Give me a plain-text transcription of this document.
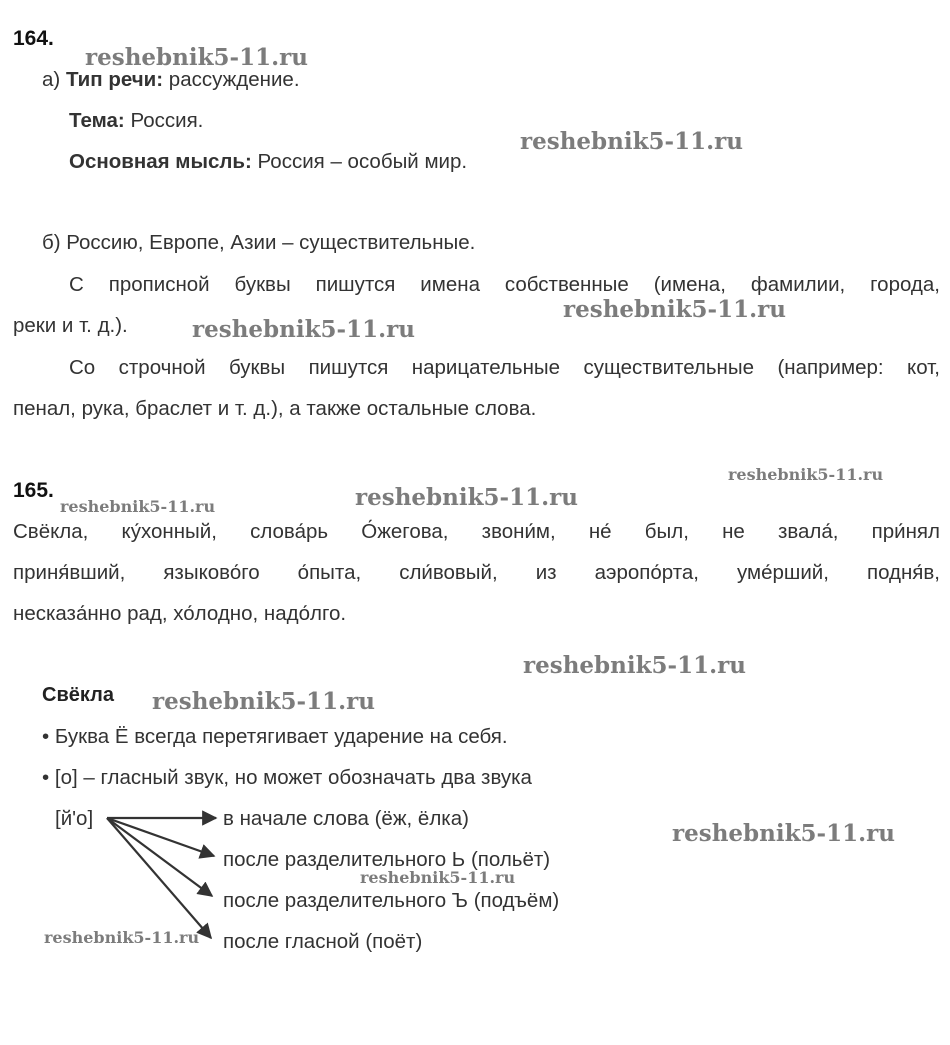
164.
а) Тип речи: рассуждение.
Тема: Россия.
Основная мысль: Россия – особый мир.
б) Россию, Европе, Азии – существительные.
С прописной буквы пишутся имена собственные (имена, фамилии, города,
реки и т. д.).
Со строчной буквы пишутся нарицательные существительные (например: кот,
пенал, рука, браслет и т. д.), а также остальные слова.
165.
Свёкла, ку́хонный, слова́рь О́жегова, звони́м, не́ был, не звала́, при́нял
приня́вший, языково́го о́пыта, сли́вовый, из аэропо́рта, уме́рший, подня́в,
несказа́нно рад, хо́лодно, надо́лго.
Свёкла
• Буква Ё всегда перетягивает ударение на себя.
• [о] – гласный звук, но может обозначать два звука
[й'о]	в начале слова (ёж, ёлка)
после разделительного Ь (польёт)
после разделительного Ъ (подъём)
после гласной (поёт)
reshebnik5-11.ru
reshebnik5-11.ru
reshebnik5-11.ru
reshebnik5-11.ru
reshebnik5-11.ru
reshebnik5-11.ru	reshebnik5-11.ru
reshebnik5-11.ru
reshebnik5-11.ru
reshebnik5-11.ru
reshebnik5-11.ru
reshebnik5-11.ru
